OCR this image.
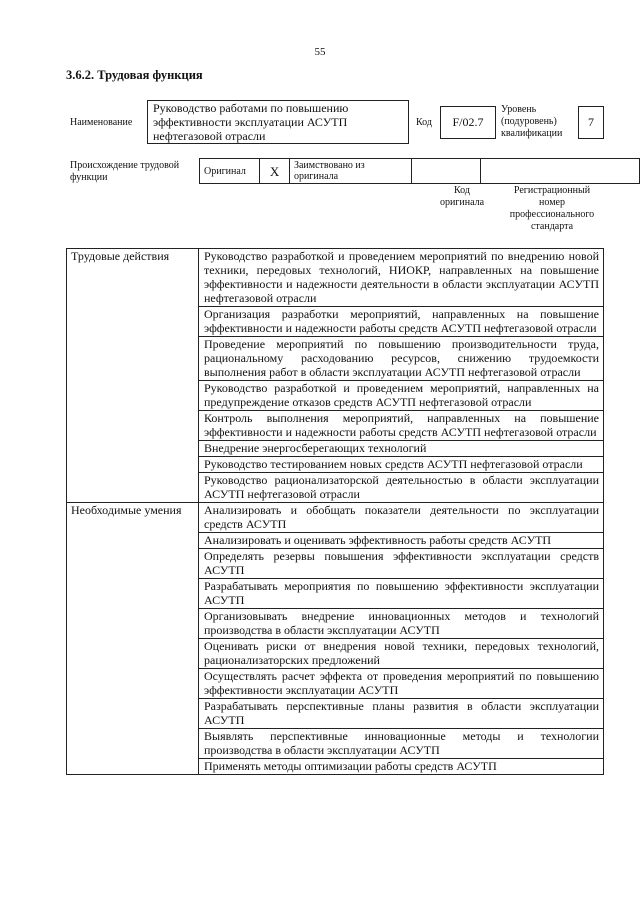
55
3.6.2. Трудовая функция
Наименование
Руководство работами по повышению эффективности эксплуатации АСУТП нефтегазовой отрасли
Код	F/02.7
Уровень
(подуровень)
квалификации
7
Происхождение трудовой
функции
Оригинал	X	Заимствовано из
оригинала

Код
оригинала
Регистрационный
номер
профессионального
стандарта
Трудовые действия	Руководство разработкой и проведением мероприятий по внедрению новой техники, передовых технологий, НИОКР, направленных на повышение эффективности и надежности деятельности в области эксплуатации АСУТП нефтегазовой отрасли
	Организация разработки мероприятий, направленных на повышение эффективности и надежности работы средств АСУТП нефтегазовой отрасли
	Проведение мероприятий по повышению производительности труда, рациональному расходованию ресурсов, снижению трудоемкости выполнения работ в области эксплуатации АСУТП нефтегазовой отрасли
	Руководство разработкой и проведением мероприятий, направленных на предупреждение отказов средств АСУТП нефтегазовой отрасли
	Контроль выполнения мероприятий, направленных на повышение эффективности и надежности работы средств АСУТП нефтегазовой отрасли
	Внедрение энергосберегающих технологий
	Руководство тестированием новых средств АСУТП нефтегазовой отрасли
	Руководство рационализаторской деятельностью в области эксплуатации АСУТП нефтегазовой отрасли
Необходимые умения	Анализировать и обобщать показатели деятельности по эксплуатации средств АСУТП
	Анализировать и оценивать эффективность работы средств АСУТП
	Определять резервы повышения эффективности эксплуатации средств АСУТП
	Разрабатывать мероприятия по повышению эффективности эксплуатации АСУТП
	Организовывать внедрение инновационных методов и технологий производства в области эксплуатации АСУТП
	Оценивать риски от внедрения новой техники, передовых технологий, рационализаторских предложений
	Осуществлять расчет эффекта от проведения мероприятий по повышению эффективности эксплуатации АСУТП
	Разрабатывать перспективные планы развития в области эксплуатации АСУТП
	Выявлять перспективные инновационные методы и технологии производства в области эксплуатации АСУТП
	Применять методы оптимизации работы средств АСУТП
